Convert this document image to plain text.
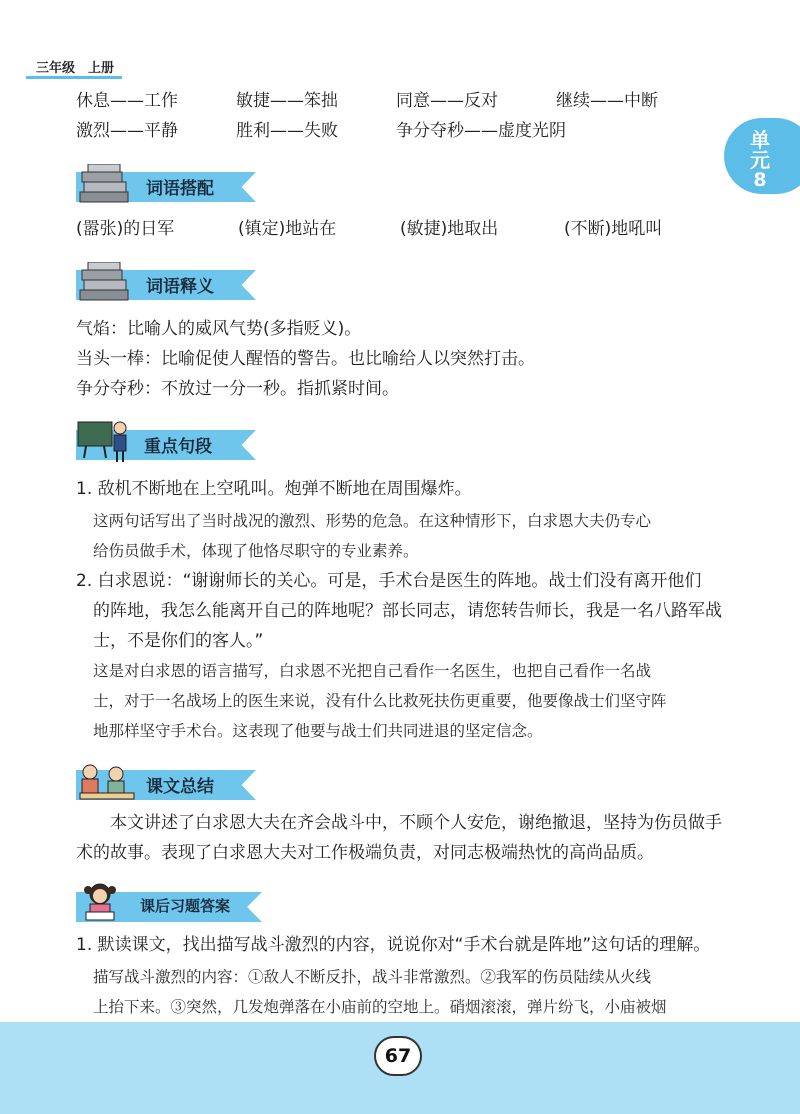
三年级　上册
单
元
8
休息——工作	敏捷——笨拙	同意——反对	继续——中断
激烈——平静	胜利——失败	争分夺秒——虚度光阴
词语搭配
(嚣张)的日军	(镇定)地站在	(敏捷)地取出	(不断)地吼叫
词语释义
气焰：比喻人的威风气势(多指贬义)。
当头一棒：比喻促使人醒悟的警告。也比喻给人以突然打击。
争分夺秒：不放过一分一秒。指抓紧时间。
重点句段
1. 敌机不断地在上空吼叫。炮弹不断地在周围爆炸。
这两句话写出了当时战况的激烈、形势的危急。在这种情形下，白求恩大夫仍专心
给伤员做手术，体现了他恪尽职守的专业素养。
2. 白求恩说：“谢谢师长的关心。可是，手术台是医生的阵地。战士们没有离开他们
的阵地，我怎么能离开自己的阵地呢？部长同志，请您转告师长，我是一名八路军战
士，不是你们的客人。”
这是对白求恩的语言描写，白求恩不光把自己看作一名医生，也把自己看作一名战
士，对于一名战场上的医生来说，没有什么比救死扶伤更重要，他要像战士们坚守阵
地那样坚守手术台。这表现了他要与战士们共同进退的坚定信念。
课文总结
本文讲述了白求恩大夫在齐会战斗中，不顾个人安危，谢绝撤退，坚持为伤员做手
术的故事。表现了白求恩大夫对工作极端负责，对同志极端热忱的高尚品质。
课后习题答案
1. 默读课文，找出描写战斗激烈的内容，说说你对“手术台就是阵地”这句话的理解。
描写战斗激烈的内容：①敌人不断反扑，战斗非常激烈。②我军的伤员陆续从火线
上抬下来。③突然，几发炮弹落在小庙前的空地上。硝烟滚滚，弹片纷飞，小庙被烟
67
